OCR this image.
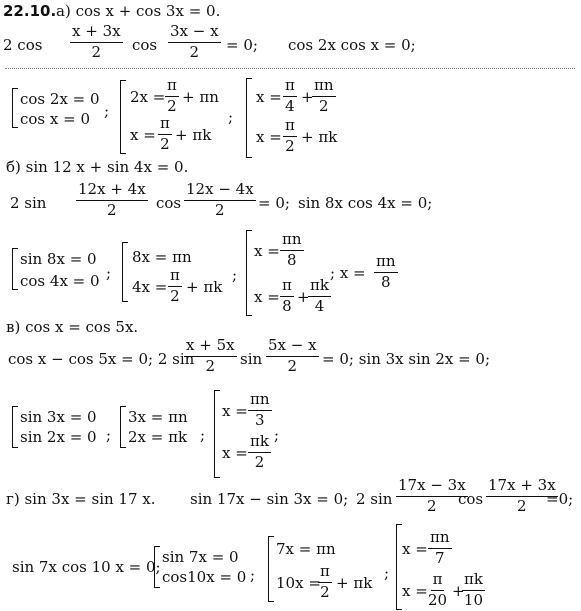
22.10. а) cos x + cos 3x = 0.
2 $\cos \frac{x + 3x}{2}$ $\cos \frac{3x - x}{2} = 0$; cos 2x cos x = 0;
cos 2x = 0
cos x = 0 ;
$2x = \frac{\pi}{2} + \pi n$
$x = \frac{\pi}{2} + \pi k$
;
$x = \frac{\pi}{4}$ +
$\frac{\pi n}{2}$
$x = \frac{\pi}{2} + \pi k$
б) sin 12 x + sin 4x = 0.
2 $\sin \frac{12x + 4x}{2}$ $\cos \frac{12x - 4x}{2} = 0$; sin 8x cos 4x = 0;
sin 8x = 0
cos 4x = 0 ;
8x = πn
$4x = \frac{\pi}{2} + \pi k$
;
$x = \frac{\pi n}{8}$
$x = \frac{\pi}{8}$ +
$\frac{\pi k}{4}$
; $x = \frac{\pi n}{8}$
в) cos x = cos 5x.
cos x − cos 5x = 0; 2 sin
$\frac{x + 5x}{2}$ $\sin \frac{5x - x}{2} = 0$; sin 3x sin 2x = 0;
sin 3x = 0
sin 2x = 0 ;
3x = πn
2x = πk ;
$x = \frac{\pi n}{3}$
$x = \frac{\pi k}{2}$ ;
г) sin 3x = sin 17 x. sin 17x − sin 3x = 0; 2 $\sin \frac{17x - 3x}{2}$
$\cos \frac{17x + 3x}{2}$
=0;
sin 7x cos 10 x = 0;
sin 7x = 0
cos10x = 0 ;
7x = πn
10x =
$\frac{\pi}{2} + \pi k$
;
$x = \frac{\pi n}{7}$
$x = \frac{\pi}{20}$ +
$\frac{\pi k}{10}$
